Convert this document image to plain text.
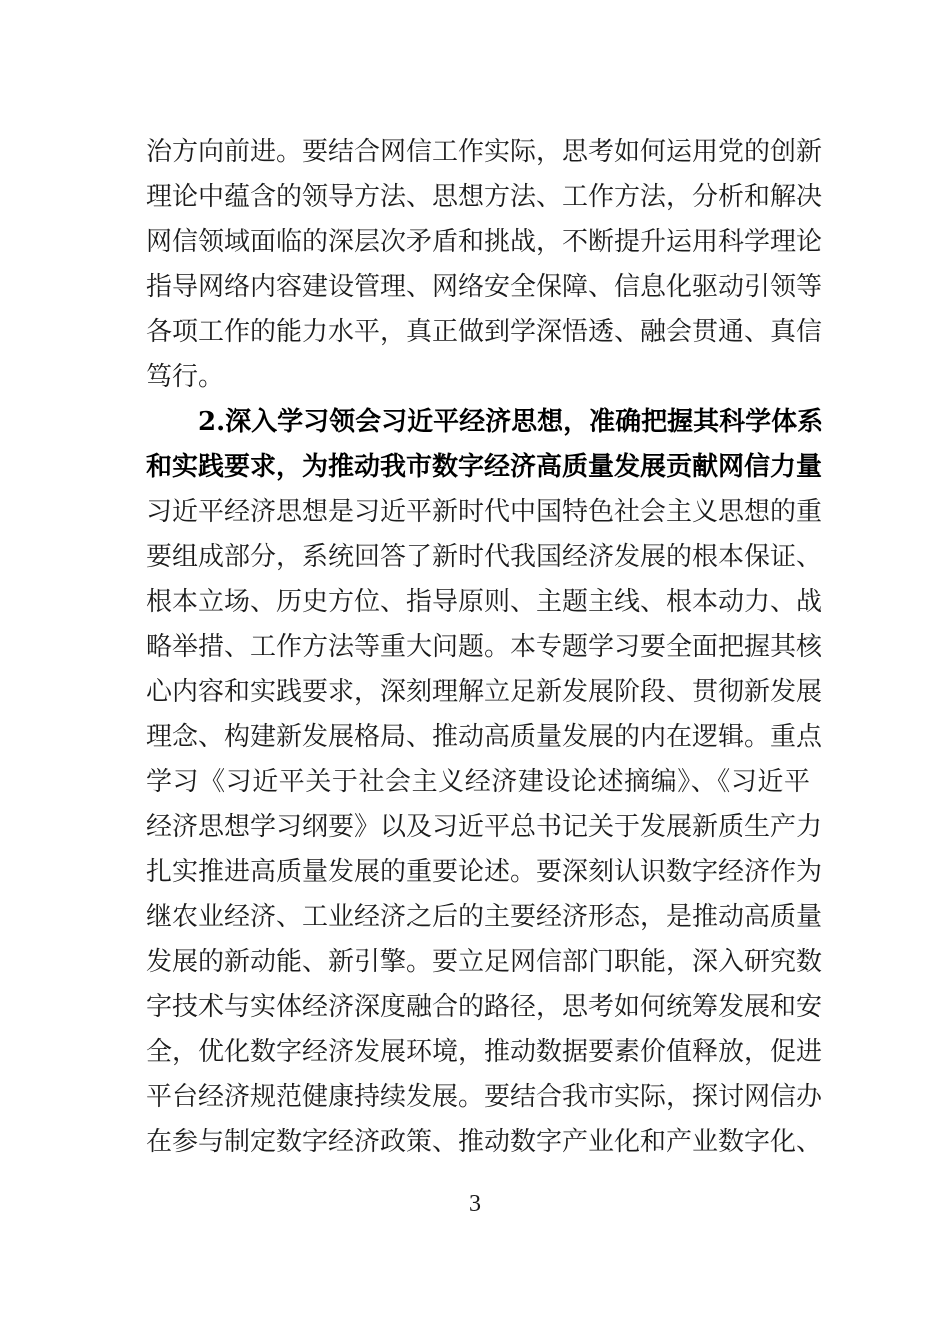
治方向前进。要结合网信工作实际，思考如何运用党的创新
理论中蕴含的领导方法、思想方法、工作方法，分析和解决
网信领域面临的深层次矛盾和挑战，不断提升运用科学理论
指导网络内容建设管理、网络安全保障、信息化驱动引领等
各项工作的能力水平，真正做到学深悟透、融会贯通、真信
笃行。
2.深入学习领会习近平经济思想，准确把握其科学体系
和实践要求，为推动我市数字经济高质量发展贡献网信力量
习近平经济思想是习近平新时代中国特色社会主义思想的重
要组成部分，系统回答了新时代我国经济发展的根本保证、
根本立场、历史方位、指导原则、主题主线、根本动力、战
略举措、工作方法等重大问题。本专题学习要全面把握其核
心内容和实践要求，深刻理解立足新发展阶段、贯彻新发展
理念、构建新发展格局、推动高质量发展的内在逻辑。重点
学习《习近平关于社会主义经济建设论述摘编》、《习近平
经济思想学习纲要》以及习近平总书记关于发展新质生产力
扎实推进高质量发展的重要论述。要深刻认识数字经济作为
继农业经济、工业经济之后的主要经济形态，是推动高质量
发展的新动能、新引擎。要立足网信部门职能，深入研究数
字技术与实体经济深度融合的路径，思考如何统筹发展和安
全，优化数字经济发展环境，推动数据要素价值释放，促进
平台经济规范健康持续发展。要结合我市实际，探讨网信办
在参与制定数字经济政策、推动数字产业化和产业数字化、
3
